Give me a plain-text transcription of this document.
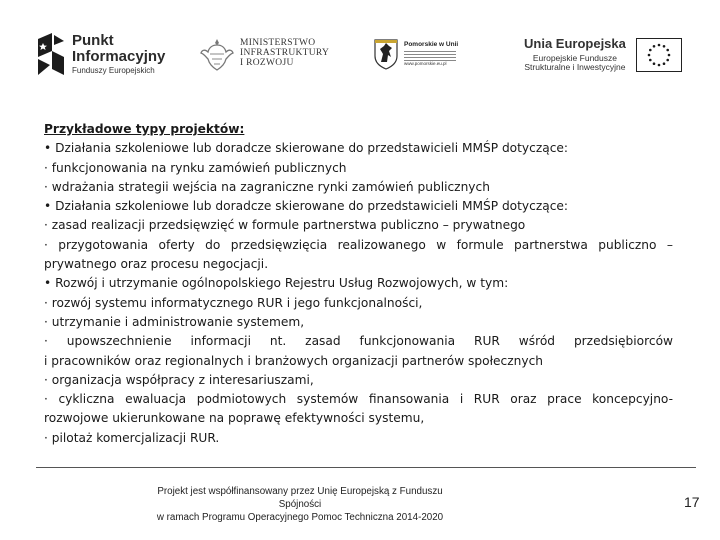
Punkt
Informacyjny
Funduszy Europejskich
MINISTERSTWO
INFRASTRUKTURY
I ROZWOJU
Pomorskie w Unii
www.pomorskie.eu.pl
Unia Europejska
Europejskie Fundusze
Strukturalne i Inwestycyjne
Przykładowe typy projektów:
• Działania szkoleniowe lub doradcze skierowane do przedstawicieli MMŚP dotyczące:
· funkcjonowania na rynku zamówień publicznych
· wdrażania strategii wejścia na zagraniczne rynki zamówień publicznych
• Działania szkoleniowe lub doradcze skierowane do przedstawicieli MMŚP dotyczące:
· zasad realizacji przedsięwzięć w formule partnerstwa publiczno – prywatnego
· przygotowania oferty do przedsięwzięcia realizowanego w formule partnerstwa publiczno –
prywatnego oraz procesu negocjacji.
• Rozwój i utrzymanie ogólnopolskiego Rejestru Usług Rozwojowych, w tym:
· rozwój systemu informatycznego RUR i jego funkcjonalności,
· utrzymanie i administrowanie systemem,
· upowszechnienie informacji nt. zasad funkcjonowania RUR wśród przedsiębiorców
i pracowników oraz regionalnych i branżowych organizacji partnerów społecznych
· organizacja współpracy z interesariuszami,
· cykliczna ewaluacja podmiotowych systemów finansowania i RUR oraz prace koncepcyjno-
rozwojowe ukierunkowane na poprawę efektywności systemu,
· pilotaż komercjalizacji RUR.
Projekt jest współfinansowany przez Unię Europejską z Funduszu Spójności
w ramach Programu Operacyjnego Pomoc Techniczna 2014-2020
17
